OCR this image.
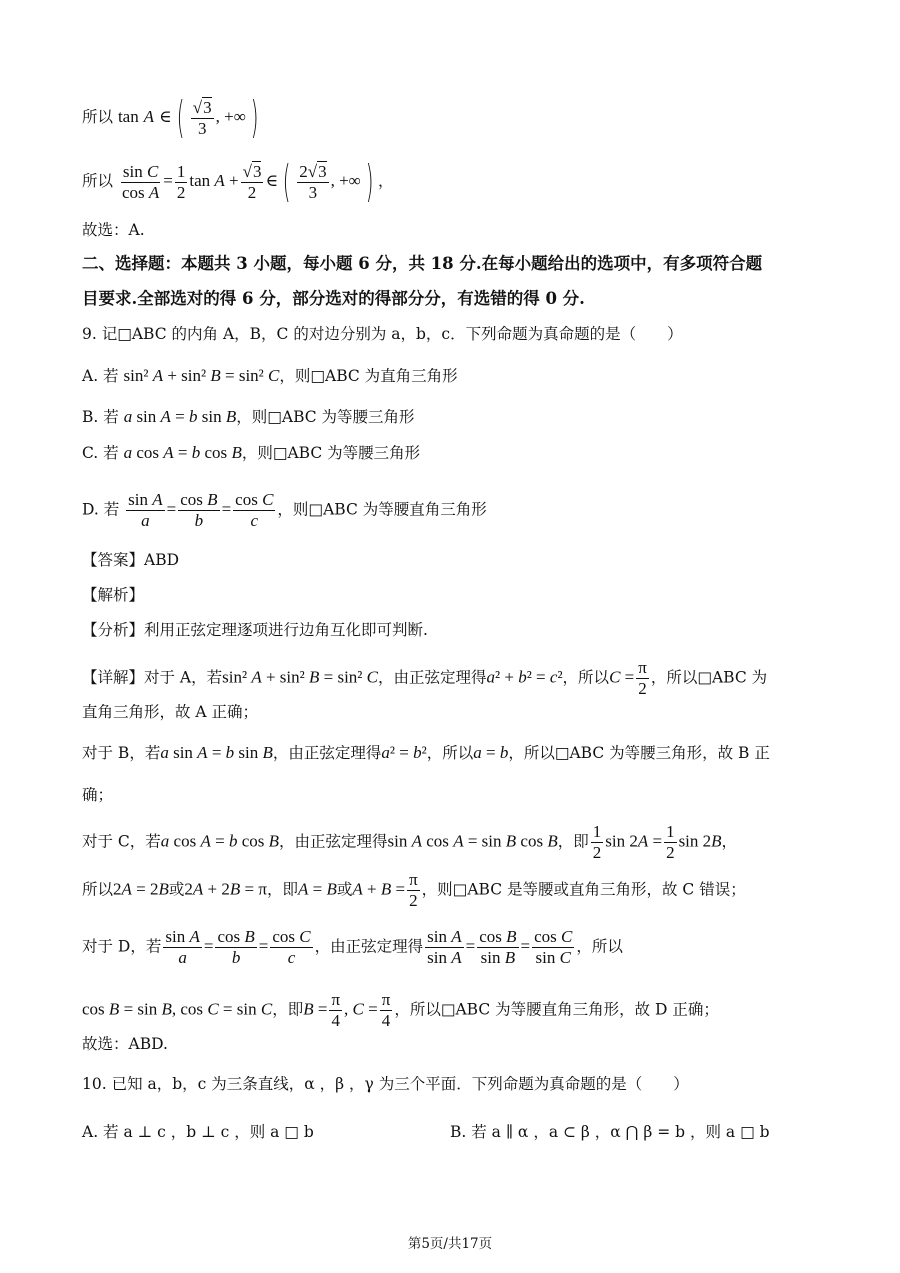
所以 tan A ∈ ( $\frac{√3}{3}$ , +∞ )
所以 $\frac{\text{sin C}}{\text{cos A}} = \frac{1}{2}$ $\tan A + \frac{√3}{2}$ ∈ ( $\frac{2√3}{3}$ , +∞ ) ，
故选：A.
二、选择题：本题共 3 小题，每小题 6 分，共 18 分.在每小题给出的选项中，有多项符合题
目要求.全部选对的得 6 分，部分选对的得部分分，有选错的得 0 分.
9. 记□ABC 的内角 A，B，C 的对边分别为 a，b，c．下列命题为真命题的是（　　）
A. 若 sin² A + sin² B = sin² C，则□ABC 为直角三角形
B. 若 a sin A = b sin B，则□ABC 为等腰三角形
C. 若 a cos A = b cos B，则□ABC 为等腰三角形
D. 若 $\frac{\text{sin A}}{a} = \frac{\text{cos B}}{b} = \frac{\text{cos C}}{c}$ ，则□ABC 为等腰直角三角形
【答案】ABD
【解析】
【分析】利用正弦定理逐项进行边角互化即可判断.
【详解】对于 A，若sin² A + sin² B = sin² C，由正弦定理得a² + b² = c²，所以$C = \frac{\pi}{2}$ ，所以□ABC 为
直角三角形，故 A 正确；
对于 B，若a sin A = b sin B，由正弦定理得a² = b²，所以a = b，所以□ABC 为等腰三角形，故 B 正
确；
对于 C，若a cos A = b cos B，由正弦定理得sin A cos A = sin B cos B，即 $\frac{1}{2}$ $\sin 2A = \frac{1}{2}$ sin 2B，
所以2A = 2B或2A + 2B = π，即A = B或$A + B = \frac{\pi}{2}$ ，则□ABC 是等腰或直角三角形，故 C 错误；
对于 D，若 $\frac{\text{sin A}}{a} = \frac{\text{cos B}}{b} = \frac{\text{cos C}}{c}$ ，由正弦定理得 $\frac{\text{sin A}}{\text{sin A}} = \frac{\text{cos B}}{\text{sin B}} = \frac{\text{cos C}}{\text{sin C}}$ ，所以
cos B = sin B, cos C = sin C，即$B = \frac{\pi}{4}$ , $C = \frac{\pi}{4}$ ，所以□ABC 为等腰直角三角形，故 D 正确；
故选：ABD.
10. 已知 a，b，c 为三条直线，α ，β ，γ 为三个平面．下列命题为真命题的是（　　）
A. 若 a ⊥ c ，b ⊥ c ，则 a □ b	B. 若 a ∥ α ，a ⊂ β ，α ⋂ β = b ，则 a □ b
第5页/共17页
